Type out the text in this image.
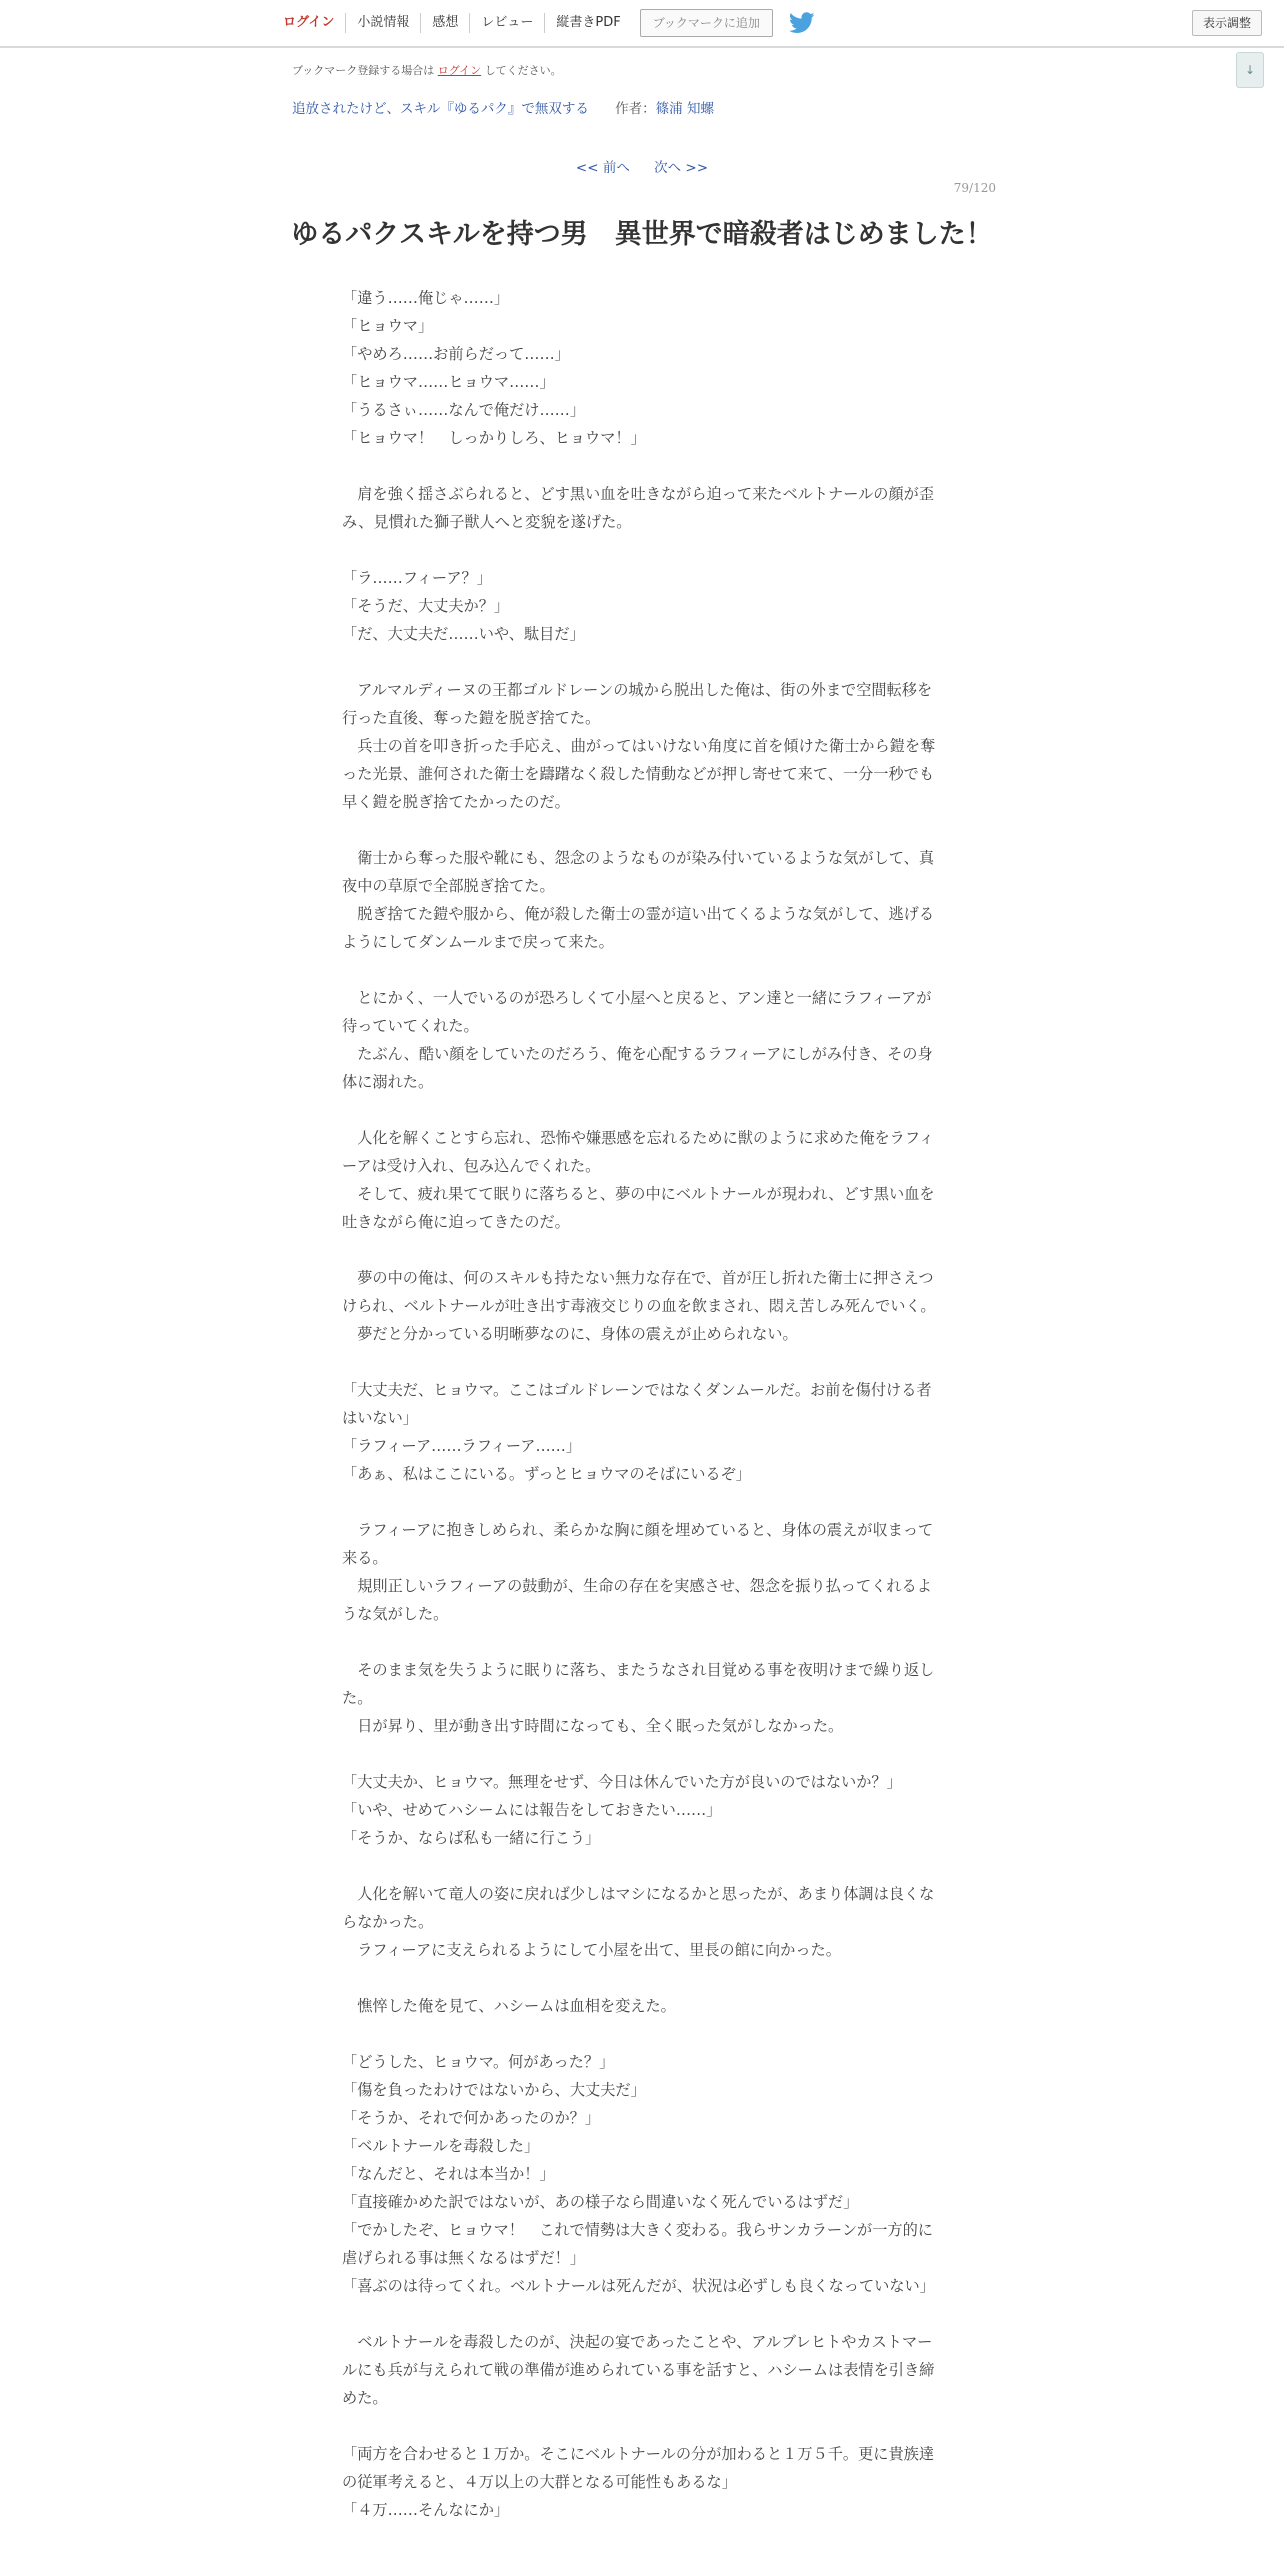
ログイン	小説情報	感想	レビュー	縦書きPDF	ブックマークに追加	表示調整
↓
ブックマーク登録する場合は ログイン してください。
追放されたけど、スキル『ゆるパク』で無双する 作者：篠浦 知螺
<< 前へ 次へ >>
79/120
ゆるパクスキルを持つ男　異世界で暗殺者はじめました！

「違う……俺じゃ……」

「ヒョウマ」

「やめろ……お前らだって……」

「ヒョウマ……ヒョウマ……」

「うるさぃ……なんで俺だけ……」

「ヒョウマ！　しっかりしろ、ヒョウマ！」

　肩を強く揺さぶられると、どす黒い血を吐きながら迫って来たベルトナールの顔が歪み、見慣れた獅子獣人へと変貌を遂げた。

「ラ……フィーア？」

「そうだ、大丈夫か？」

「だ、大丈夫だ……いや、駄目だ」

　アルマルディーヌの王都ゴルドレーンの城から脱出した俺は、街の外まで空間転移を行った直後、奪った鎧を脱ぎ捨てた。

　兵士の首を叩き折った手応え、曲がってはいけない角度に首を傾けた衛士から鎧を奪った光景、誰何された衛士を躊躇なく殺した情動などが押し寄せて来て、一分一秒でも早く鎧を脱ぎ捨てたかったのだ。

　衛士から奪った服や靴にも、怨念のようなものが染み付いているような気がして、真夜中の草原で全部脱ぎ捨てた。

　脱ぎ捨てた鎧や服から、俺が殺した衛士の霊が這い出てくるような気がして、逃げるようにしてダンムールまで戻って来た。

　とにかく、一人でいるのが恐ろしくて小屋へと戻ると、アン達と一緒にラフィーアが待っていてくれた。

　たぶん、酷い顔をしていたのだろう、俺を心配するラフィーアにしがみ付き、その身体に溺れた。

　人化を解くことすら忘れ、恐怖や嫌悪感を忘れるために獣のように求めた俺をラフィーアは受け入れ、包み込んでくれた。

　そして、疲れ果てて眠りに落ちると、夢の中にベルトナールが現われ、どす黒い血を吐きながら俺に迫ってきたのだ。

　夢の中の俺は、何のスキルも持たない無力な存在で、首が圧し折れた衛士に押さえつけられ、ベルトナールが吐き出す毒液交じりの血を飲まされ、悶え苦しみ死んでいく。

　夢だと分かっている明晰夢なのに、身体の震えが止められない。

「大丈夫だ、ヒョウマ。ここはゴルドレーンではなくダンムールだ。お前を傷付ける者はいない」

「ラフィーア……ラフィーア……」

「あぁ、私はここにいる。ずっとヒョウマのそばにいるぞ」

　ラフィーアに抱きしめられ、柔らかな胸に顔を埋めていると、身体の震えが収まって来る。

　規則正しいラフィーアの鼓動が、生命の存在を実感させ、怨念を振り払ってくれるような気がした。

　そのまま気を失うように眠りに落ち、またうなされ目覚める事を夜明けまで繰り返した。

　日が昇り、里が動き出す時間になっても、全く眠った気がしなかった。

「大丈夫か、ヒョウマ。無理をせず、今日は休んでいた方が良いのではないか？」

「いや、せめてハシームには報告をしておきたい……」

「そうか、ならば私も一緒に行こう」

　人化を解いて竜人の姿に戻れば少しはマシになるかと思ったが、あまり体調は良くならなかった。

　ラフィーアに支えられるようにして小屋を出て、里長の館に向かった。

　憔悴した俺を見て、ハシームは血相を変えた。

「どうした、ヒョウマ。何があった？」

「傷を負ったわけではないから、大丈夫だ」

「そうか、それで何かあったのか？」

「ベルトナールを毒殺した」

「なんだと、それは本当か！」

「直接確かめた訳ではないが、あの様子なら間違いなく死んでいるはずだ」

「でかしたぞ、ヒョウマ！　これで情勢は大きく変わる。我らサンカラーンが一方的に虐げられる事は無くなるはずだ！」

「喜ぶのは待ってくれ。ベルトナールは死んだが、状況は必ずしも良くなっていない」

　ベルトナールを毒殺したのが、決起の宴であったことや、アルブレヒトやカストマールにも兵が与えられて戦の準備が進められている事を話すと、ハシームは表情を引き締めた。

「両方を合わせると１万か。そこにベルトナールの分が加わると１万５千。更に貴族達の従軍考えると、４万以上の大群となる可能性もあるな」

「４万……そんなにか」
